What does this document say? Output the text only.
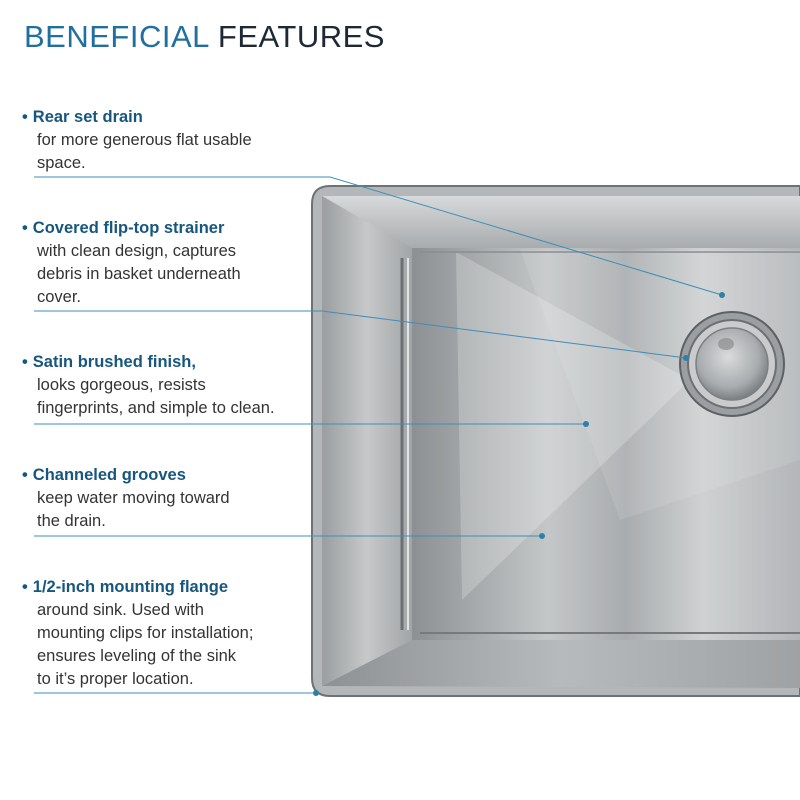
BENEFICIAL FEATURES
• Rear set drain
for more generous flat usable
space.
• Covered flip-top strainer
with clean design, captures
debris in basket underneath
cover.
• Satin brushed finish,
looks gorgeous, resists
fingerprints, and simple to clean.
• Channeled grooves
keep water moving toward
the drain.
• 1/2-inch mounting flange
around sink. Used with
mounting clips for installation;
ensures leveling of the sink
to it’s proper location.
